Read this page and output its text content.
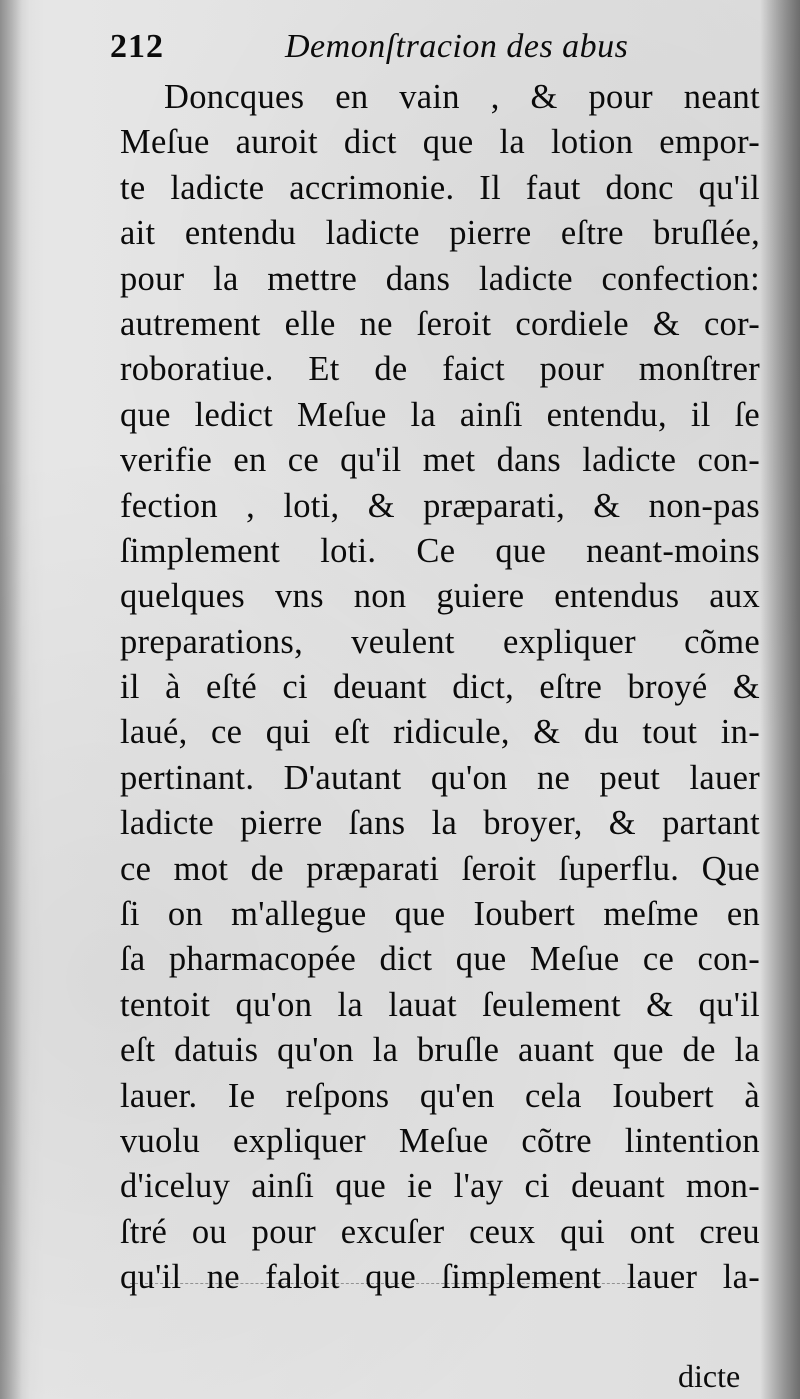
212	Demonſtracion des abus
Doncques en vain , & pour neant
Meſue auroit dict que la lotion empor-
te ladicte accrimonie. Il faut donc qu'il
ait entendu ladicte pierre eſtre bruſlée,
pour la mettre dans ladicte confection:
autrement elle ne ſeroit cordiele & cor-
roboratiue. Et de faict pour monſtrer
que ledict Meſue la ainſi entendu, il ſe
verifie en ce qu'il met dans ladicte con-
fection , loti, & præparati, & non-pas
ſimplement loti. Ce que neant-moins
quelques vns non guiere entendus aux
preparations, veulent expliquer cõme
il à eſté ci deuant dict, eſtre broyé &
laué, ce qui eſt ridicule, & du tout in-
pertinant. D'autant qu'on ne peut lauer
ladicte pierre ſans la broyer, & partant
ce mot de præparati ſeroit ſuperflu. Que
ſi on m'allegue que Ioubert meſme en
ſa pharmacopée dict que Meſue ce con-
tentoit qu'on la lauat ſeulement & qu'il
eſt datuis qu'on la bruſle auant que de la
lauer. Ie reſpons qu'en cela Ioubert à
vuolu expliquer Meſue cõtre lintention
d'iceluy ainſi que ie l'ay ci deuant mon-
ſtré ou pour excuſer ceux qui ont creu
qu'il ne faloit que ſimplement lauer la-
dicte
